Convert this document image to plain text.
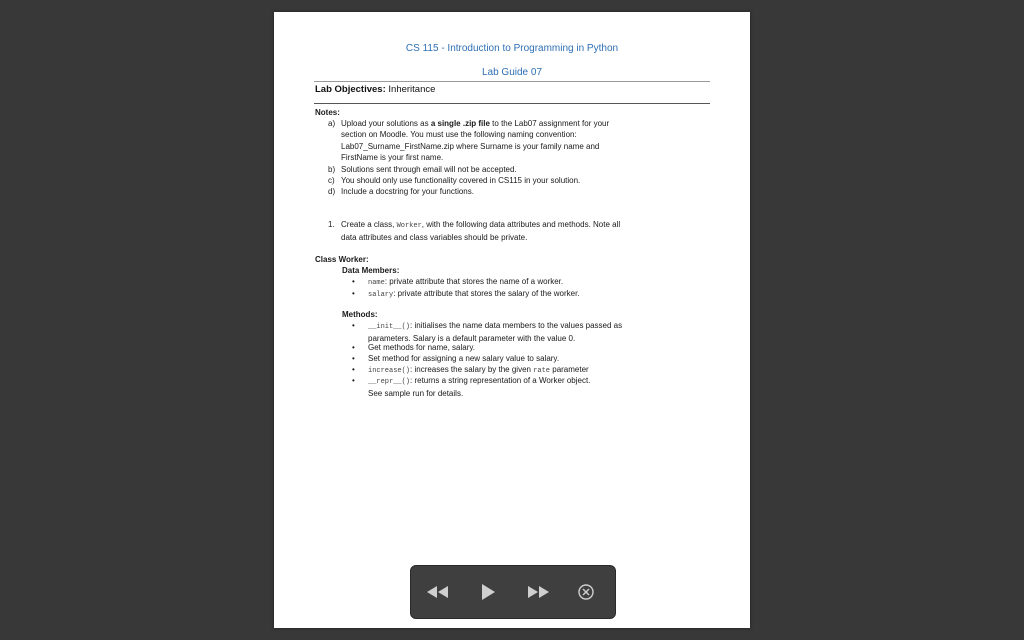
CS 115 - Introduction to Programming in Python
Lab Guide 07
Lab Objectives: Inheritance
Notes:
a) Upload your solutions as a single .zip file to the Lab07 assignment for your
section on Moodle. You must use the following naming convention:
Lab07_Surname_FirstName.zip where Surname is your family name and
FirstName is your first name.
b) Solutions sent through email will not be accepted.
c) You should only use functionality covered in CS115 in your solution.
d) Include a docstring for your functions.
1. Create a class, Worker, with the following data attributes and methods. Note all
data attributes and class variables should be private.
Class Worker:
Data Members:
• name: private attribute that stores the name of a worker.
• salary: private attribute that stores the salary of the worker.
Methods:
• __init__(): initialises the name data members to the values passed as
parameters. Salary is a default parameter with the value 0.
• Get methods for name, salary.
• Set method for assigning a new salary value to salary.
• increase(): increases the salary by the given rate parameter
• __repr__(): returns a string representation of a Worker object.
See sample run for details.
